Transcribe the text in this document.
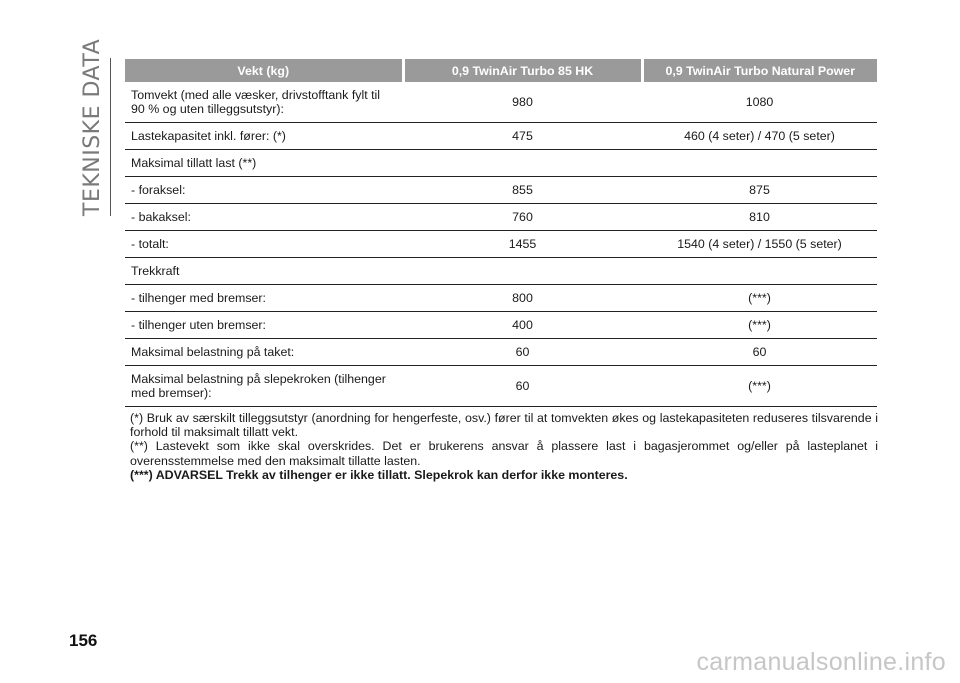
TEKNISKE DATA	Vekt (kg)	0,9 TwinAir Turbo 85 HK	0,9 TwinAir Turbo Natural Power
Tomvekt (med alle væsker, drivstofftank fylt til 90 % og uten tilleggsutstyr):	980	1080
Lastekapasitet inkl. fører: (*)	475	460 (4 seter) / 470 (5 seter)
Maksimal tillatt last (**)		
- foraksel:	855	875
- bakaksel:	760	810
- totalt:	1455	1540 (4 seter) / 1550 (5 seter)
Trekkraft		
- tilhenger med bremser:	800	(***)
- tilhenger uten bremser:	400	(***)
Maksimal belastning på taket:	60	60
Maksimal belastning på slepekroken (tilhenger med bremser):	60	(***)

(*) Bruk av særskilt tilleggsutstyr (anordning for hengerfeste, osv.) fører til at tomvekten økes og lastekapasiteten reduseres tilsvarende i forhold til maksimalt tillatt vekt.

(**) Lastevekt som ikke skal overskrides. Det er brukerens ansvar å plassere last i bagasjerommet og/eller på lasteplanet i overensstemmelse med den maksimalt tillatte lasten.

(***) ADVARSEL Trekk av tilhenger er ikke tillatt. Slepekrok kan derfor ikke monteres.

156
carmanualsonline.info
